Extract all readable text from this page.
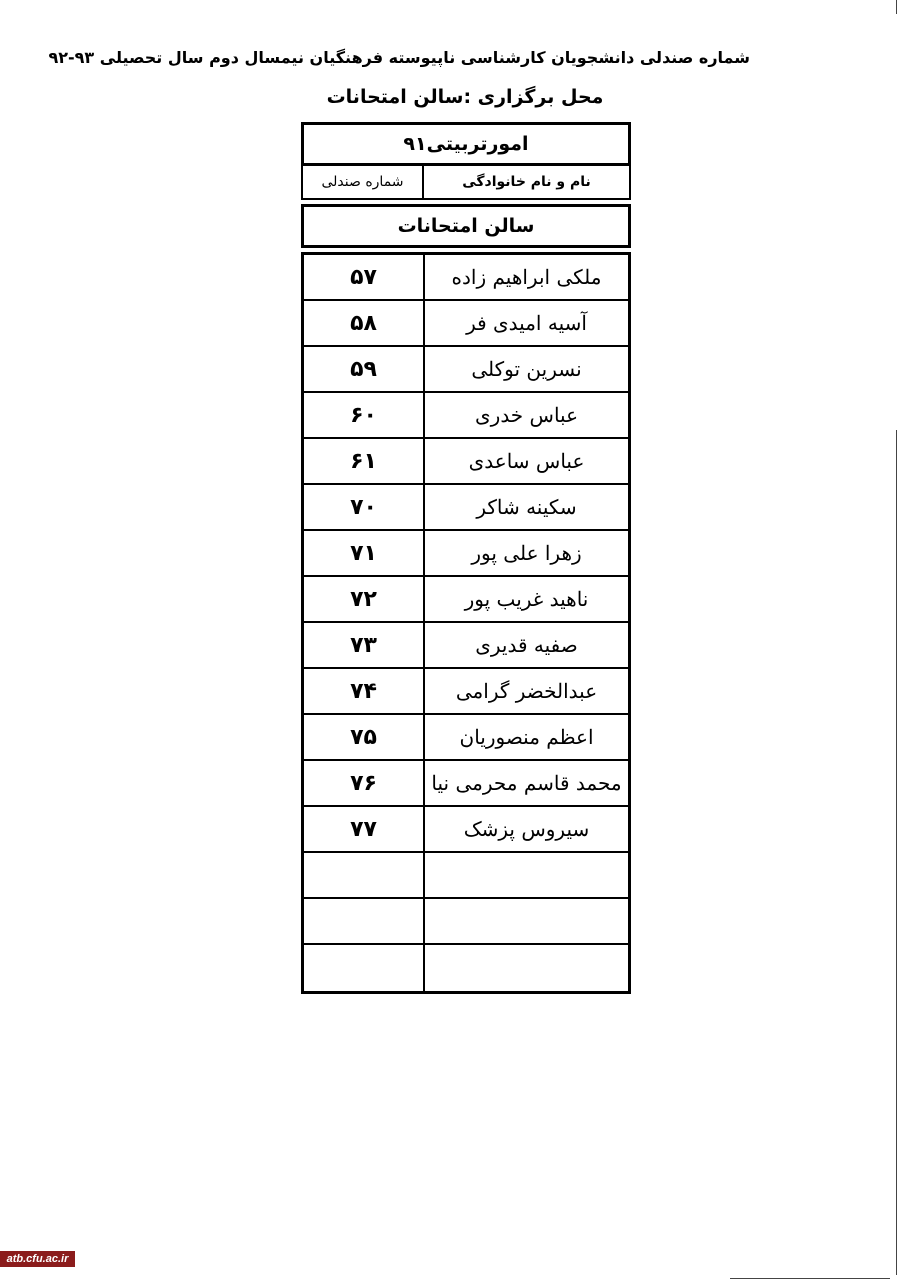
شماره صندلی دانشجویان کارشناسی ناپیوسته فرهنگیان نیمسال دوم سال تحصیلی ۹۳-۹۲
محل برگزاری :سالن امتحانات
امورتربیتی۹۱
نام و نام خانوادگی
شماره صندلی
سالن امتحانات
ملکی ابراهیم زاده
۵۷
آسیه امیدی فر
۵۸
نسرین توکلی
۵۹
عباس خدری
۶۰
عباس ساعدی
۶۱
سکینه شاکر
۷۰
زهرا علی پور
۷۱
ناهید غریب پور
۷۲
صفیه قدیری
۷۳
عبدالخضر گرامی
۷۴
اعظم منصوریان
۷۵
محمد قاسم محرمی نیا
۷۶
سیروس پزشک
۷۷
atb.cfu.ac.ir
